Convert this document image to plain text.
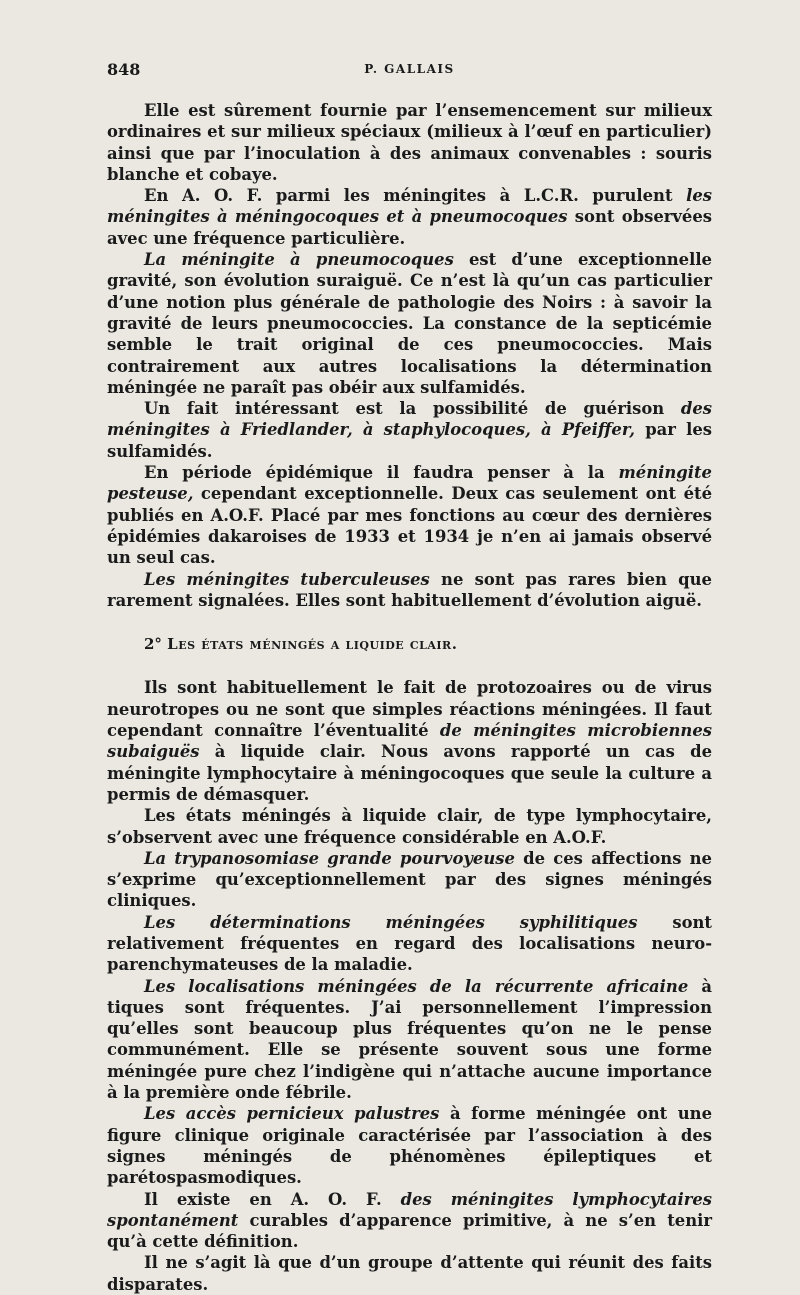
848	P. GALLAIS

Elle est sûrement fournie par l’ensemencement sur milieux ordinaires et sur milieux spéciaux (milieux à l’œuf en particulier) ainsi que par l’inoculation à des animaux convenables : souris blanche et cobaye.

En A. O. F. parmi les méningites à L.C.R. purulent les méningites à méningocoques et à pneumocoques sont observées avec une fréquence particulière.

La méningite à pneumocoques est d’une exceptionnelle gravité, son évolution suraiguë. Ce n’est là qu’un cas particulier d’une notion plus générale de pathologie des Noirs : à savoir la gravité de leurs pneumococcies. La constance de la septicémie semble le trait original de ces pneumococcies. Mais contrairement aux autres localisations la détermination méningée ne paraît pas obéir aux sulfamidés.

Un fait intéressant est la possibilité de guérison des méningites à Friedlander, à staphylocoques, à Pfeiffer, par les sulfamidés.

En période épidémique il faudra penser à la méningite pesteuse, cependant exceptionnelle. Deux cas seulement ont été publiés en A.O.F. Placé par mes fonctions au cœur des dernières épidémies dakaroises de 1933 et 1934 je n’en ai jamais observé un seul cas.

Les méningites tuberculeuses ne sont pas rares bien que rarement signalées. Elles sont habituellement d’évolution aiguë.

2° Les états méningés a liquide clair.

Ils sont habituellement le fait de protozoaires ou de virus neurotropes ou ne sont que simples réactions méningées. Il faut cependant connaître l’éventualité de méningites microbiennes subaiguës à liquide clair. Nous avons rapporté un cas de méningite lymphocytaire à méningocoques que seule la culture a permis de démasquer.

Les états méningés à liquide clair, de type lymphocytaire, s’observent avec une fréquence considérable en A.O.F.

La trypanosomiase grande pourvoyeuse de ces affections ne s’exprime qu’exceptionnellement par des signes méningés cliniques.

Les déterminations méningées syphilitiques sont relativement fréquentes en regard des localisations neuro-parenchymateuses de la maladie.

Les localisations méningées de la récurrente africaine à tiques sont fréquentes. J’ai personnellement l’impression qu’elles sont beaucoup plus fréquentes qu’on ne le pense communément. Elle se présente souvent sous une forme méningée pure chez l’indigène qui n’attache aucune importance à la première onde fébrile.

Les accès pernicieux palustres à forme méningée ont une figure clinique originale caractérisée par l’association à des signes méningés de phénomènes épileptiques et parétospasmodiques.

Il existe en A. O. F. des méningites lymphocytaires spontanément curables d’apparence primitive, à ne s’en tenir qu’à cette définition.

Il ne s’agit là que d’un groupe d’attente qui réunit des faits disparates.
